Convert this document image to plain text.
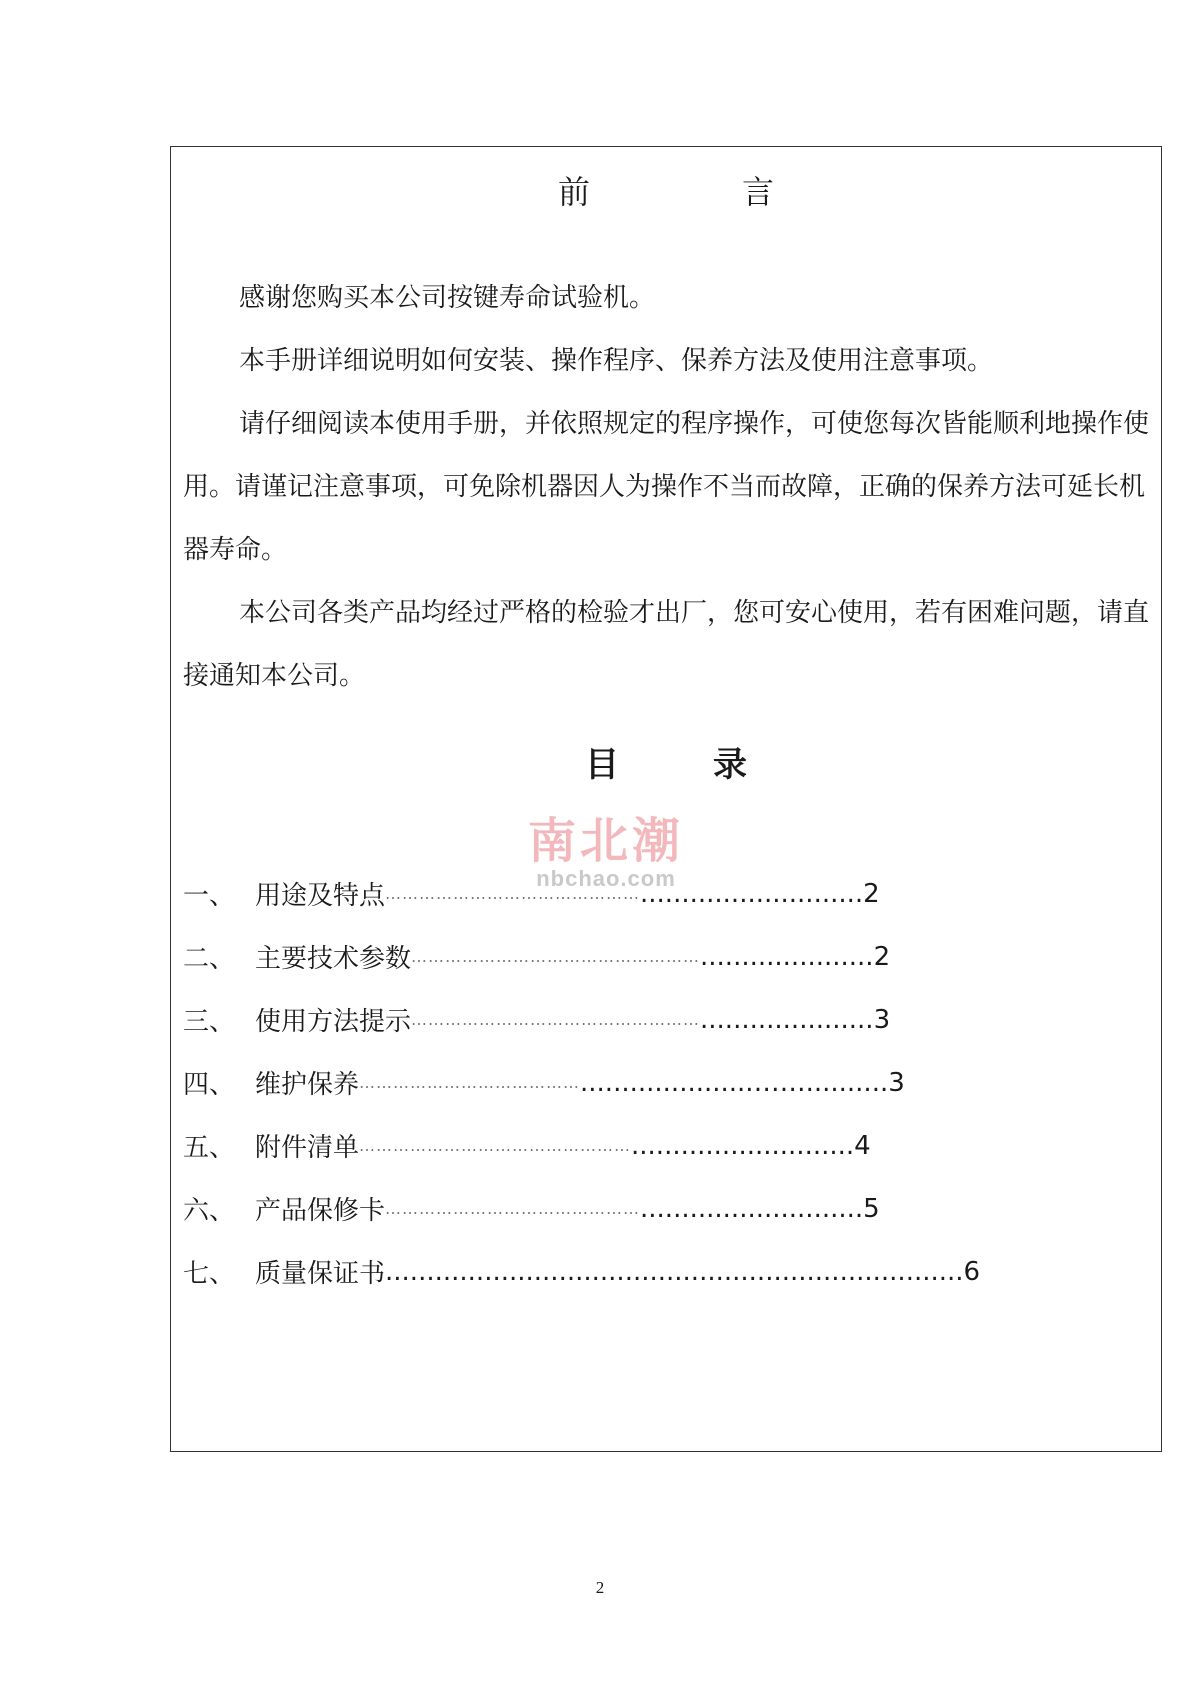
前　言

感谢您购买本公司按键寿命试验机。

本手册详细说明如何安装、操作程序、保养方法及使用注意事项。

请仔细阅读本使用手册，并依照规定的程序操作，可使您每次皆能顺利地操作使用。请谨记注意事项，可免除机器因人为操作不当而故障，正确的保养方法可延长机器寿命。

本公司各类产品均经过严格的检验才出厂，您可安心使用，若有困难问题，请直接通知本公司。

目　录
南北潮
nbchao.com
一、 用途及特点 ……………………………………… ........................... 2
二、 主要技术参数 …………………………………………… ..................... 2
三、 使用方法提示 …………………………………………… ..................... 3
四、 维护保养 ………………………………… .....................…….......... 3
五、 附件清单 ………………………………………… ........................... 4
六、 产品保修卡 ……………………………………… ........................... 5
七、 质量保证书 ...................................................................... 6
2
